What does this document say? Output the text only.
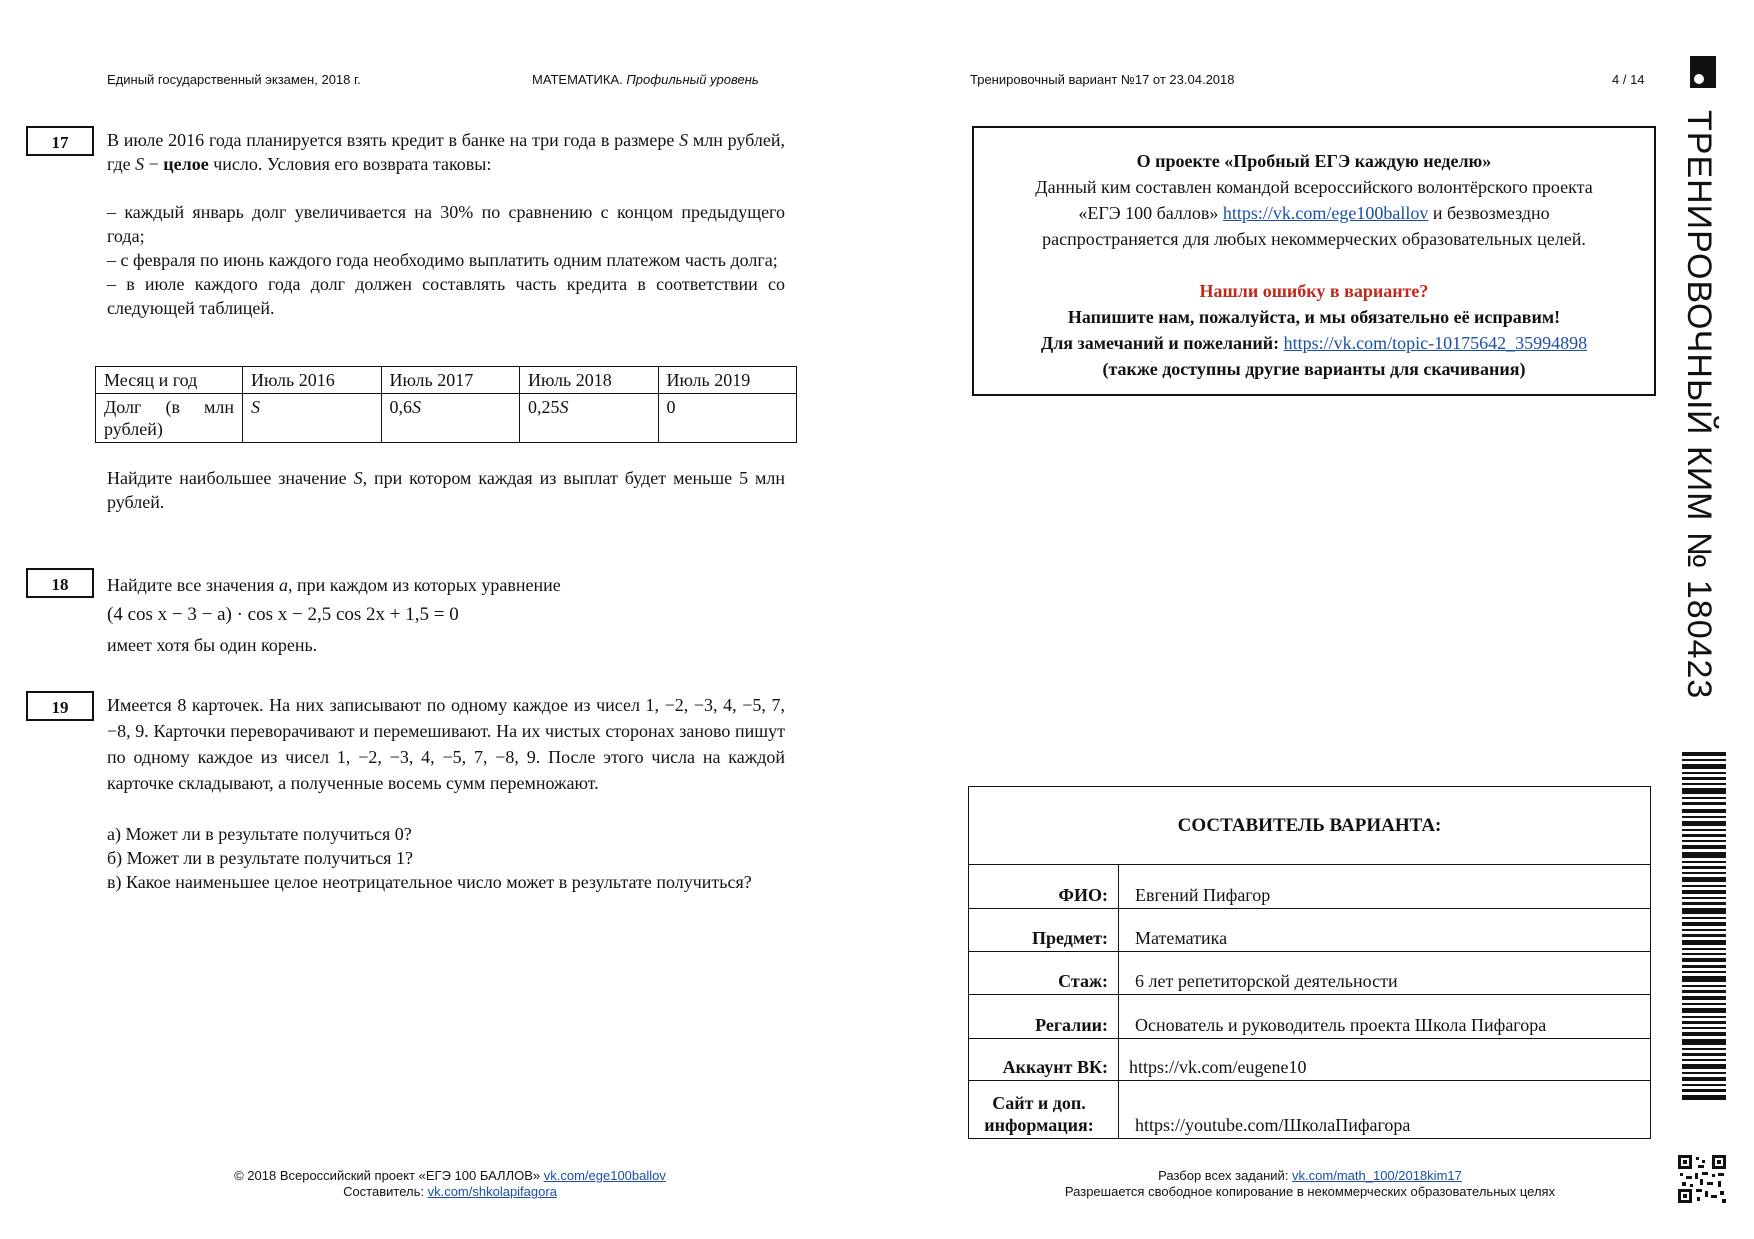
Единый государственный экзамен, 2018 г.	МАТЕМАТИКА. Профильный уровень	Тренировочный вариант №17 от 23.04.2018	4 / 14
ТРЕНИРОВОЧНЫЙ КИМ № 180423
17	В июле 2016 года планируется взять кредит в банке на три года в размере S млн рублей, где S − целое число. Условия его возврата таковы:

– каждый январь долг увеличивается на 30% по сравнению с концом предыдущего года;

– с февраля по июнь каждого года необходимо выплатить одним платежом часть долга;

– в июле каждого года долг должен составлять часть кредита в соответствии со следующей таблицей.

Месяц и год	Июль 2016	Июль 2017	Июль 2018	Июль 2019
Долг (в млн рублей)	S	0,6S	0,25S	0

Найдите наибольшее значение S, при котором каждая из выплат будет меньше 5 млн рублей.

18	Найдите все значения a, при каждом из которых уравнение

(4 cos x − 3 − a) · cos x − 2,5 cos 2x + 1,5 = 0

имеет хотя бы один корень.

19	Имеется 8 карточек. На них записывают по одному каждое из чисел 1, −2, −3, 4, −5, 7, −8, 9. Карточки переворачивают и перемешивают. На их чистых сторонах заново пишут по одному каждое из чисел 1, −2, −3, 4, −5, 7, −8, 9. После этого числа на каждой карточке складывают, а полученные восемь сумм перемножают.

а) Может ли в результате получиться 0?

б) Может ли в результате получиться 1?

в) Какое наименьшее целое неотрицательное число может в результате получиться?

О проекте «Пробный ЕГЭ каждую неделю»

Данный ким составлен командой всероссийского волонтёрского проекта

«ЕГЭ 100 баллов» https://vk.com/ege100ballov и безвозмездно

распространяется для любых некоммерческих образовательных целей.

Нашли ошибку в варианте?

Напишите нам, пожалуйста, и мы обязательно её исправим!

Для замечаний и пожеланий: https://vk.com/topic-10175642_35994898

(также доступны другие варианты для скачивания)

СОСТАВИТЕЛЬ ВАРИАНТА:	
ФИО:	Евгений Пифагор
Предмет:	Математика
Стаж:	6 лет репетиторской деятельности
Регалии:	Основатель и руководитель проекта Школа Пифагора
Аккаунт ВК:	https://vk.com/eugene10
Сайт и доп. информация:	https://youtube.com/ШколаПифагора
© 2018 Всероссийский проект «ЕГЭ 100 БАЛЛОВ» vk.com/ege100ballov
Составитель: vk.com/shkolapifagora
Разбор всех заданий: vk.com/math_100/2018kim17
Разрешается свободное копирование в некоммерческих образовательных целях
